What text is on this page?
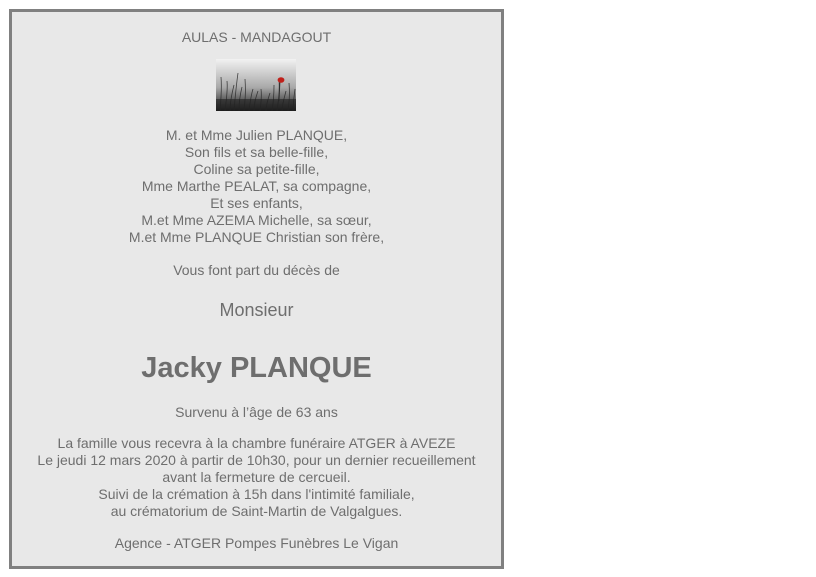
AULAS - MANDAGOUT
M. et Mme Julien PLANQUE,
Son fils et sa belle-fille,
Coline sa petite-fille,
Mme Marthe PEALAT, sa compagne,
Et ses enfants,
M.et Mme AZEMA Michelle, sa sœur,
M.et Mme PLANQUE Christian son frère,
Vous font part du décès de
Monsieur
Jacky PLANQUE
Survenu à l’âge de 63 ans
La famille vous recevra à la chambre funéraire ATGER à AVEZE
Le jeudi 12 mars 2020 à partir de 10h30, pour un dernier recueillement
avant la fermeture de cercueil.
Suivi de la crémation à 15h dans l'intimité familiale,
au crématorium de Saint-Martin de Valgalgues.
Agence - ATGER Pompes Funèbres Le Vigan
